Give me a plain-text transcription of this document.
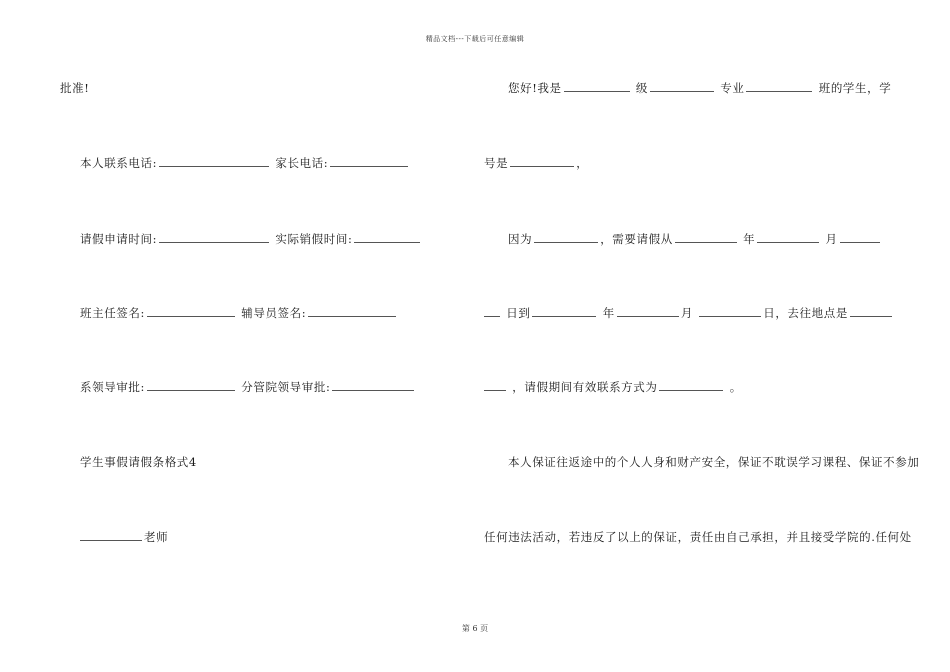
精品文档---下载后可任意编辑
批准!
本人联系电话:	家长电话:
请假申请时间:	实际销假时间:
班主任签名:	辅导员签名:
系领导审批:	分管院领导审批:
学生事假请假条格式4
老师
您好!我是	级	专业	班的学生，学
号是	，
因为	，需要请假从	年	月
日到	年	月	日，去往地点是
，请假期间有效联系方式为	。
本人保证往返途中的个人人身和财产安全，保证不耽误学习课程、保证不参加
任何违法活动，若违反了以上的保证，责任由自己承担，并且接受学院的.任何处
第 6 页
